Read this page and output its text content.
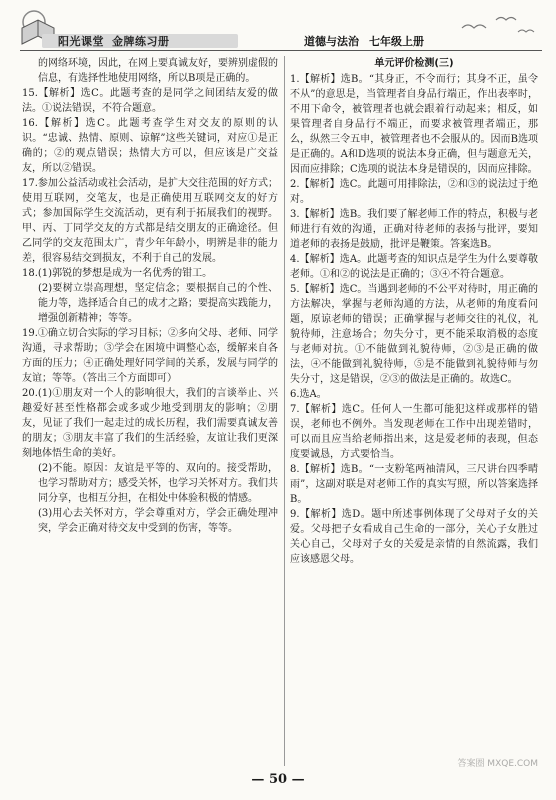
阳光课堂 金牌练习册	道德与法治 七年级上册

的网络环境，因此，在网上要真诚友好，要辨别虚假的信息，有选择性地使用网络，所以B项是正确的。

15.【解析】选C。此题考查的是同学之间团结友爱的做法。①说法错误，不符合题意。

16.【解析】选C。此题考查学生对交友的原则的认识。“忠诚、热情、原则、谅解”这些关键词，对应①是正确的；②的观点错误；热情大方可以，但应该是广交益友，所以②错误。

17.参加公益活动或社会活动，是扩大交往范围的好方式；使用互联网，交笔友，也是正确使用互联网交友的好方式；参加国际学生交流活动，更有利于拓展我们的视野。甲、丙、丁同学交友的方式都是结交朋友的正确途径。但乙同学的交友范围太广，青少年年龄小，明辨是非的能力差，很容易结交到损友，不利于自己的发展。

18.(1)郭锐的梦想是成为一名优秀的钳工。

(2)要树立崇高理想，坚定信念；要根据自己的个性、能力等，选择适合自己的成才之路；要提高实践能力，增强创新精神；等等。

19.①确立切合实际的学习目标；②多向父母、老师、同学沟通，寻求帮助；③学会在困境中调整心态，缓解来自各方面的压力；④正确处理好同学间的关系，发展与同学的友谊；等等。（答出三个方面即可）

20.(1)①朋友对一个人的影响很大，我们的言谈举止、兴趣爱好甚至性格都会或多或少地受到朋友的影响；②朋友，见证了我们一起走过的成长历程，我们需要真诚友善的朋友；③朋友丰富了我们的生活经验，友谊让我们更深刻地体悟生命的美好。

(2)不能。原因：友谊是平等的、双向的。接受帮助，也学习帮助对方；感受关怀，也学习关怀对方。我们共同分享，也相互分担，在相处中体验积极的情感。

(3)用心去关怀对方，学会尊重对方，学会正确处理冲突，学会正确对待交友中受到的伤害，等等。

单元评价检测(三)

1.【解析】选B。“其身正，不令而行；其身不正，虽令不从”的意思是，当管理者自身品行端正，作出表率时，不用下命令，被管理者也就会跟着行动起来；相反，如果管理者自身品行不端正，而要求被管理者端正，那么，纵然三令五申，被管理者也不会服从的。因而B选项是正确的。A和D选项的说法本身正确，但与题意无关，因而应排除；C选项的说法本身是错误的，因而应排除。

2.【解析】选C。此题可用排除法，②和③的说法过于绝对。

3.【解析】选B。我们要了解老师工作的特点，积极与老师进行有效的沟通，正确对待老师的表扬与批评，要知道老师的表扬是鼓励，批评是鞭策。答案选B。

4.【解析】选A。此题考查的知识点是学生为什么要尊敬老师。①和②的说法是正确的；③④不符合题意。

5.【解析】选C。当遇到老师的不公平对待时，用正确的方法解决，掌握与老师沟通的方法，从老师的角度看问题，原谅老师的错误；正确掌握与老师交往的礼仪，礼貌待师，注意场合；勿失分寸，更不能采取消极的态度与老师对抗。①不能做到礼貌待师，②③是正确的做法，④不能做到礼貌待师，⑤是不能做到礼貌待师与勿失分寸，这是错误，②③的做法是正确的。故选C。

6.选A。

7.【解析】选C。任何人一生都可能犯这样或那样的错误，老师也不例外。当发现老师在工作中出现差错时，可以而且应当给老师指出来，这是爱老师的表现，但态度要诚恳，方式要恰当。

8.【解析】选B。“一支粉笔两袖清风，三尺讲台四季晴雨”，这副对联是对老师工作的真实写照，所以答案选择B。

9.【解析】选D。题中所述事例体现了父母对子女的关爱。父母把子女看成自己生命的一部分，关心子女胜过关心自己，父母对子女的关爱是亲情的自然流露，我们应该感恩父母。

— 50 —
答案圈 MXQE.COM
